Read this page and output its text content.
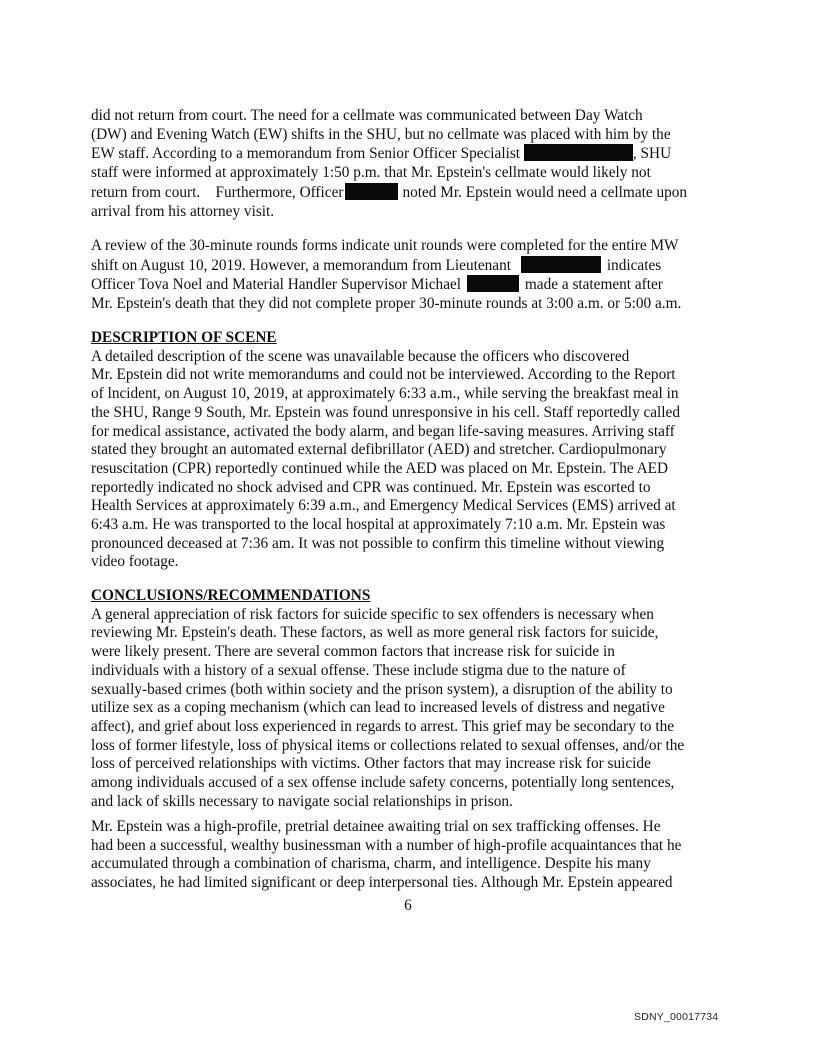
did not return from court. The need for a cellmate was communicated between Day Watch
(DW) and Evening Watch (EW) shifts in the SHU, but no cellmate was placed with him by the
EW staff. According to a memorandum from Senior Officer Specialist	, SHU
staff were informed at approximately 1:50 p.m. that Mr. Epstein's cellmate would likely not
return from court.    Furthermore, Officer	noted Mr. Epstein would need a cellmate upon
arrival from his attorney visit.
A review of the 30-minute rounds forms indicate unit rounds were completed for the entire MW
shift on August 10, 2019. However, a memorandum from Lieutenant	indicates
Officer Tova Noel and Material Handler Supervisor Michael	made a statement after
Mr. Epstein's death that they did not complete proper 30-minute rounds at 3:00 a.m. or 5:00 a.m.
DESCRIPTION OF SCENE
A detailed description of the scene was unavailable because the officers who discovered
Mr. Epstein did not write memorandums and could not be interviewed. According to the Report
of lncident, on August 10, 2019, at approximately 6:33 a.m., while serving the breakfast meal in
the SHU, Range 9 South, Mr. Epstein was found unresponsive in his cell. Staff reportedly called
for medical assistance, activated the body alarm, and began life-saving measures. Arriving staff
stated they brought an automated external defibrillator (AED) and stretcher. Cardiopulmonary
resuscitation (CPR) reportedly continued while the AED was placed on Mr. Epstein. The AED
reportedly indicated no shock advised and CPR was continued. Mr. Epstein was escorted to
Health Services at approximately 6:39 a.m., and Emergency Medical Services (EMS) arrived at
6:43 a.m. He was transported to the local hospital at approximately 7:10 a.m. Mr. Epstein was
pronounced deceased at 7:36 am. It was not possible to confirm this timeline without viewing
video footage.
CONCLUSIONS/RECOMMENDATIONS
A general appreciation of risk factors for suicide specific to sex offenders is necessary when
reviewing Mr. Epstein's death. These factors, as well as more general risk factors for suicide,
were likely present. There are several common factors that increase risk for suicide in
individuals with a history of a sexual offense. These include stigma due to the nature of
sexually-based crimes (both within society and the prison system), a disruption of the ability to
utilize sex as a coping mechanism (which can lead to increased levels of distress and negative
affect), and grief about loss experienced in regards to arrest. This grief may be secondary to the
loss of former lifestyle, loss of physical items or collections related to sexual offenses, and/or the
loss of perceived relationships with victims. Other factors that may increase risk for suicide
among individuals accused of a sex offense include safety concerns, potentially long sentences,
and lack of skills necessary to navigate social relationships in prison.
Mr. Epstein was a high-profile, pretrial detainee awaiting trial on sex trafficking offenses. He
had been a successful, wealthy businessman with a number of high-profile acquaintances that he
accumulated through a combination of charisma, charm, and intelligence. Despite his many
associates, he had limited significant or deep interpersonal ties. Although Mr. Epstein appeared
6
SDNY_00017734
